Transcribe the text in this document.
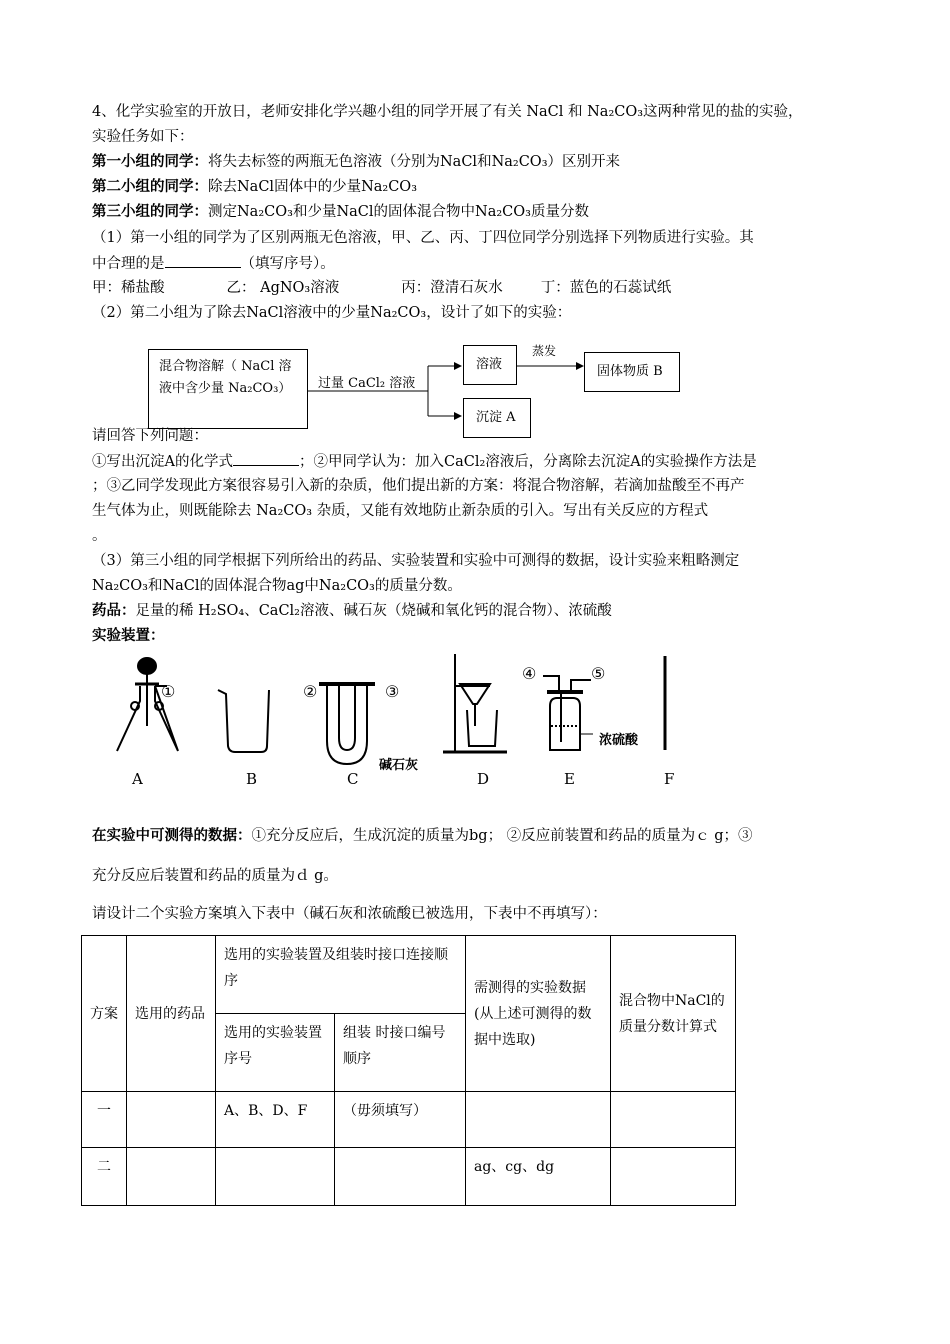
4、化学实验室的开放日，老师安排化学兴趣小组的同学开展了有关 NaCl 和 Na₂CO₃这两种常见的盐的实验，
实验任务如下：
第一小组的同学：将失去标签的两瓶无色溶液（分别为NaCl和Na₂CO₃）区别开来
第二小组的同学：除去NaCl固体中的少量Na₂CO₃
第三小组的同学：测定Na₂CO₃和少量NaCl的固体混合物中Na₂CO₃质量分数
（1）第一小组的同学为了区别两瓶无色溶液，甲、乙、丙、丁四位同学分别选择下列物质进行实验。其
中合理的是	（填写序号）。
甲：稀盐酸	乙： AgNO₃溶液	丙：澄清石灰水	丁：蓝色的石蕊试纸
（2）第二小组为了除去NaCl溶液中的少量Na₂CO₃，设计了如下的实验：
混合物溶解（ NaCl 溶
液中含少量 Na₂CO₃）	过量 CaCl₂ 溶液
溶液
蒸发
固体物质 B
沉淀 A
请回答下列问题：
①写出沉淀A的化学式	；②甲同学认为：加入CaCl₂溶液后，分离除去沉淀A的实验操作方法是
；③乙同学发现此方案很容易引入新的杂质，他们提出新的方案：将混合物溶解，若滴加盐酸至不再产
生气体为止，则既能除去 Na₂CO₃ 杂质，又能有效地防止新杂质的引入。写出有关反应的方程式
。
（3）第三小组的同学根据下列所给出的药品、实验装置和实验中可测得的数据，设计实验来粗略测定
Na₂CO₃和NaCl的固体混合物ag中Na₂CO₃的质量分数。
药品：足量的稀 H₂SO₄、CaCl₂溶液、碱石灰（烧碱和氧化钙的混合物）、浓硫酸
实验装置：
①	②	③
④	⑤
碱石灰
浓硫酸
A	B	C	D	E	F
在实验中可测得的数据：①充分反应后，生成沉淀的质量为bg； ②反应前装置和药品的质量为ｃ g；③
充分反应后装置和药品的质量为ｄ g。
请设计二个实验方案填入下表中（碱石灰和浓硫酸已被选用，下表中不再填写）：
方案	选用的药品	选用的实验装置及组装时接口连接顺序		需测得的实验数据(从上述可测得的数据中选取)	混合物中NaCl的质量分数计算式
		选用的实验装置序号	组装 时接口编号顺序		
一		A、B、D、F	（毋须填写）		
二				ag、cg、dg	
